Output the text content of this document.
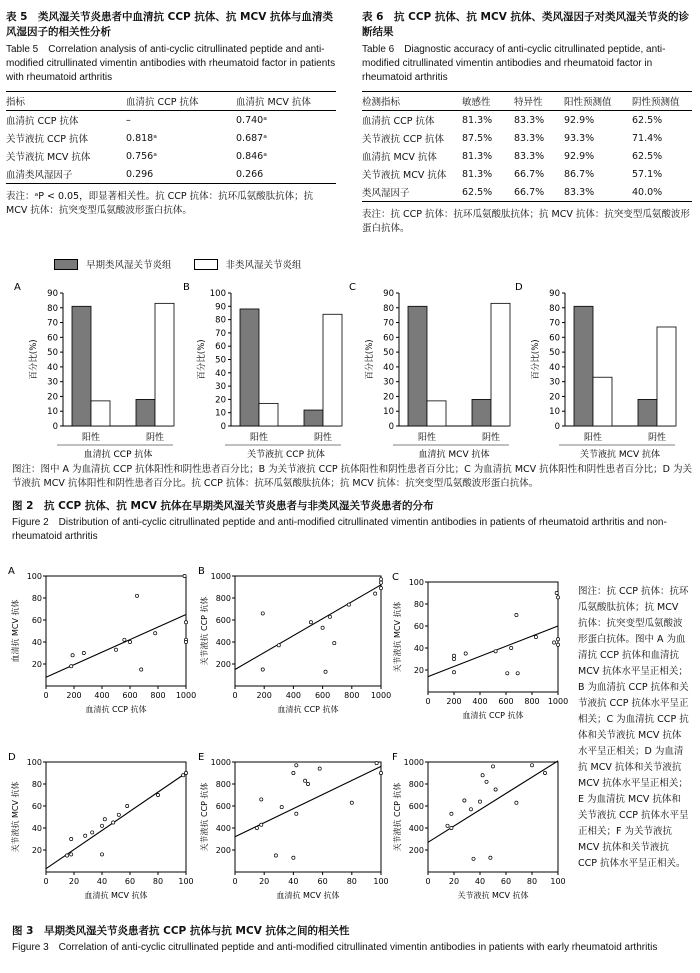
表 5　类风湿关节炎患者中血清抗 CCP 抗体、抗 MCV 抗体与血清类风湿因子的相关性分析
Table 5　Correlation analysis of anti-cyclic citrullinated peptide and anti-modified citrullinated vimentin antibodies with rheumatoid factor in patients with rheumatoid arthritis
指标	血清抗 CCP 抗体	血清抗 MCV 抗体
血清抗 CCP 抗体	–	0.740ᵃ
关节液抗 CCP 抗体	0.818ᵃ	0.687ᵃ
关节液抗 MCV 抗体	0.756ᵃ	0.846ᵃ
血清类风湿因子	0.296	0.266
表注：ᵃP < 0.05，即显著相关性。抗 CCP 抗体：抗环瓜氨酸肽抗体；抗 MCV 抗体：抗突变型瓜氨酸波形蛋白抗体。
表 6　抗 CCP 抗体、抗 MCV 抗体、类风湿因子对类风湿关节炎的诊断结果
Table 6　Diagnostic accuracy of anti-cyclic citrullinated peptide, anti-modified citrullinated vimentin antibodies and rheumatoid factor in rheumatoid arthritis
检测指标	敏感性	特异性	阳性预测值	阴性预测值
血清抗 CCP 抗体	81.3%	83.3%	92.9%	62.5%
关节液抗 CCP 抗体	87.5%	83.3%	93.3%	71.4%
血清抗 MCV 抗体	81.3%	83.3%	92.9%	62.5%
关节液抗 MCV 抗体	81.3%	66.7%	86.7%	57.1%
类风湿因子	62.5%	66.7%	83.3%	40.0%
表注：抗 CCP 抗体：抗环瓜氨酸肽抗体；抗 MCV 抗体：抗突变型瓜氨酸波形蛋白抗体。
早期类风湿关节炎组	非类风湿关节炎组
A
0
10
20
30
40
50
60
70
80
90
百分比(%)
阳性	阴性
血清抗 CCP 抗体
B
0
10
20
30
40
50
60
70
80
90
100
百分比(%)
阳性	阴性
关节液抗 CCP 抗体
C
0
10
20
30
40
50
60
70
80
90
百分比(%)
阳性	阴性
血清抗 MCV 抗体
D
0
10
20
30
40
50
60
70
80
90
百分比(%)
阳性	阴性
关节液抗 MCV 抗体
图注：图中 A 为血清抗 CCP 抗体阳性和阴性患者百分比；B 为关节液抗 CCP 抗体阳性和阴性患者百分比；C 为血清抗 MCV 抗体阳性和阴性患者百分比；D 为关节液抗 MCV 抗体阳性和阴性患者百分比。抗 CCP 抗体：抗环瓜氨酸肽抗体；抗 MCV 抗体：抗突变型瓜氨酸波形蛋白抗体。
图 2　抗 CCP 抗体、抗 MCV 抗体在早期类风湿关节炎患者与非类风湿关节炎患者的分布
Figure 2　Distribution of anti-cyclic citrullinated peptide and anti-modified citrullinated vimentin antibodies in patients of rheumatoid arthritis and non-rheumatoid arthritis
A
20
40
60
80
100
0 200 400 600 800 1000
血清抗 CCP 抗体
血清抗 MCV 抗体
B
200
400
600
800
1000
0 200 400 600 800 1000
血清抗 CCP 抗体
关节液抗 CCP 抗体
C
20
40
60
80
100
0 200 400 600 800 1000
血清抗 CCP 抗体
关节液抗 MCV 抗体
D
20
40
60
80
100
0	20 40 60 80 100
血清抗 MCV 抗体
关节液抗 MCV 抗体
E
200
400
600
800
1000
0	20 40 60 80 100
血清抗 MCV 抗体
关节液抗 CCP 抗体
F
200
400
600
800
1000
0 20 40 60 80 100
关节液抗 MCV 抗体
关节液抗 CCP 抗体
图注：抗 CCP 抗体：抗环瓜氨酸肽抗体；抗 MCV 抗体：抗突变型瓜氨酸波形蛋白抗体。图中 A 为血清抗 CCP 抗体和血清抗 MCV 抗体水平呈正相关；B 为血清抗 CCP 抗体和关节液抗 CCP 抗体水平呈正相关；C 为血清抗 CCP 抗体和关节液抗 MCV 抗体水平呈正相关；D 为血清抗 MCV 抗体和关节液抗 MCV 抗体水平呈正相关；E 为血清抗 MCV 抗体和关节液抗 CCP 抗体水平呈正相关；F 为关节液抗 MCV 抗体和关节液抗 CCP 抗体水平呈正相关。
图 3　早期类风湿关节炎患者抗 CCP 抗体与抗 MCV 抗体之间的相关性
Figure 3　Correlation of anti-cyclic citrullinated peptide and anti-modified citrullinated vimentin antibodies in patients with early rheumatoid arthritis
